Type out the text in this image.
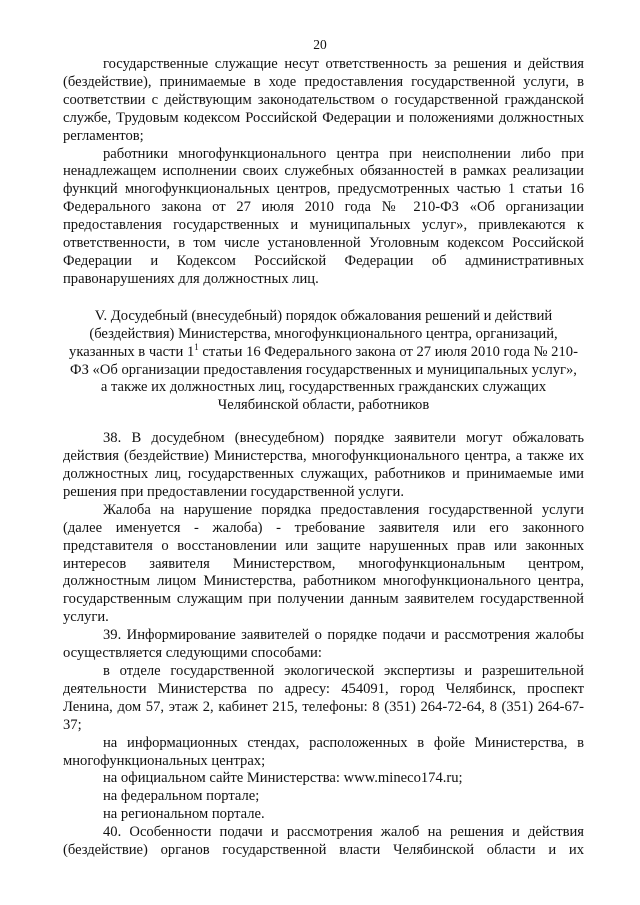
20

государственные служащие несут ответственность за решения и действия (бездействие), принимаемые в ходе предоставления государственной услуги, в соответствии с действующим законодательством о государственной гражданской службе, Трудовым кодексом Российской Федерации и положениями должностных регламентов;

работники многофункционального центра при неисполнении либо при ненадлежащем исполнении своих служебных обязанностей в рамках реализации функций многофункциональных центров, предусмотренных частью 1 статьи 16 Федерального закона от 27 июля 2010 года № 210-ФЗ «Об организации предоставления государственных и муниципальных услуг», привлекаются к ответственности, в том числе установленной Уголовным кодексом Российской Федерации и Кодексом Российской Федерации об административных правонарушениях для должностных лиц.

V. Досудебный (внесудебный) порядок обжалования решений и действий (бездействия) Министерства, многофункционального центра, организаций, указанных в части $1^1$ статьи 16 Федерального закона от 27 июля 2010 года № 210-ФЗ «Об организации предоставления государственных и муниципальных услуг», а также их должностных лиц, государственных гражданских служащих Челябинской области, работников

38. В досудебном (внесудебном) порядке заявители могут обжаловать действия (бездействие) Министерства, многофункционального центра, а также их должностных лиц, государственных служащих, работников и принимаемые ими решения при предоставлении государственной услуги.

Жалоба на нарушение порядка предоставления государственной услуги (далее именуется - жалоба) - требование заявителя или его законного представителя о восстановлении или защите нарушенных прав или законных интересов заявителя Министерством, многофункциональным центром, должностным лицом Министерства, работником многофункционального центра, государственным служащим при получении данным заявителем государственной услуги.

39. Информирование заявителей о порядке подачи и рассмотрения жалобы осуществляется следующими способами:

в отделе государственной экологической экспертизы и разрешительной деятельности Министерства по адресу: 454091, город Челябинск, проспект Ленина, дом 57, этаж 2, кабинет 215, телефоны: 8 (351) 264-72-64, 8 (351) 264-67-37;

на информационных стендах, расположенных в фойе Министерства, в многофункциональных центрах;

на официальном сайте Министерства: www.mineco174.ru;

на федеральном портале;

на региональном портале.

40. Особенности подачи и рассмотрения жалоб на решения и действия (бездействие) органов государственной власти Челябинской области и их
